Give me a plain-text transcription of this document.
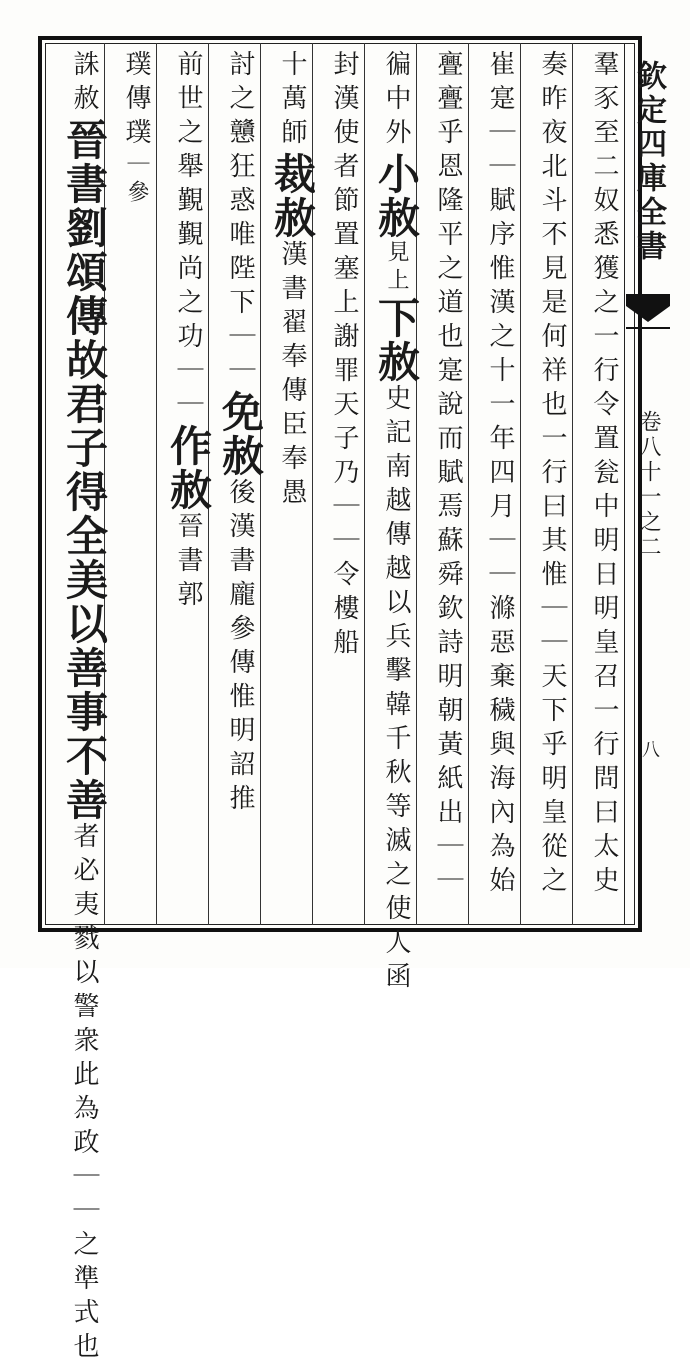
欽定四庫全書
卷八十一之二
八
羣豕至二奴悉獲之一行令置瓮中明日明皇召一行問曰太史
奏昨夜北斗不見是何祥也一行曰其惟｜｜天下乎明皇從之
崔寔｜｜賦序惟漢之十一年四月｜｜滌惡棄穢與海內為始
亹亹乎恩隆平之道也寔說而賦焉蘇舜欽詩明朝黃紙出｜｜
徧中外小赦見上下赦史記南越傳越以兵擊韓千秋等滅之使人函
封漢使者節置塞上謝罪天子乃｜｜令樓船
十萬師裁赦漢書翟奉傳臣奉愚
討之戇狂惑唯陛下｜｜免赦後漢書龐參傳惟明詔推
前世之舉覲覲尚之功｜｜作赦晉書郭
璞傳璞｜參
誅赦晉書劉頌傳故君子得全美以善事不善者必夷戮以警衆此為政｜｜之準式也
